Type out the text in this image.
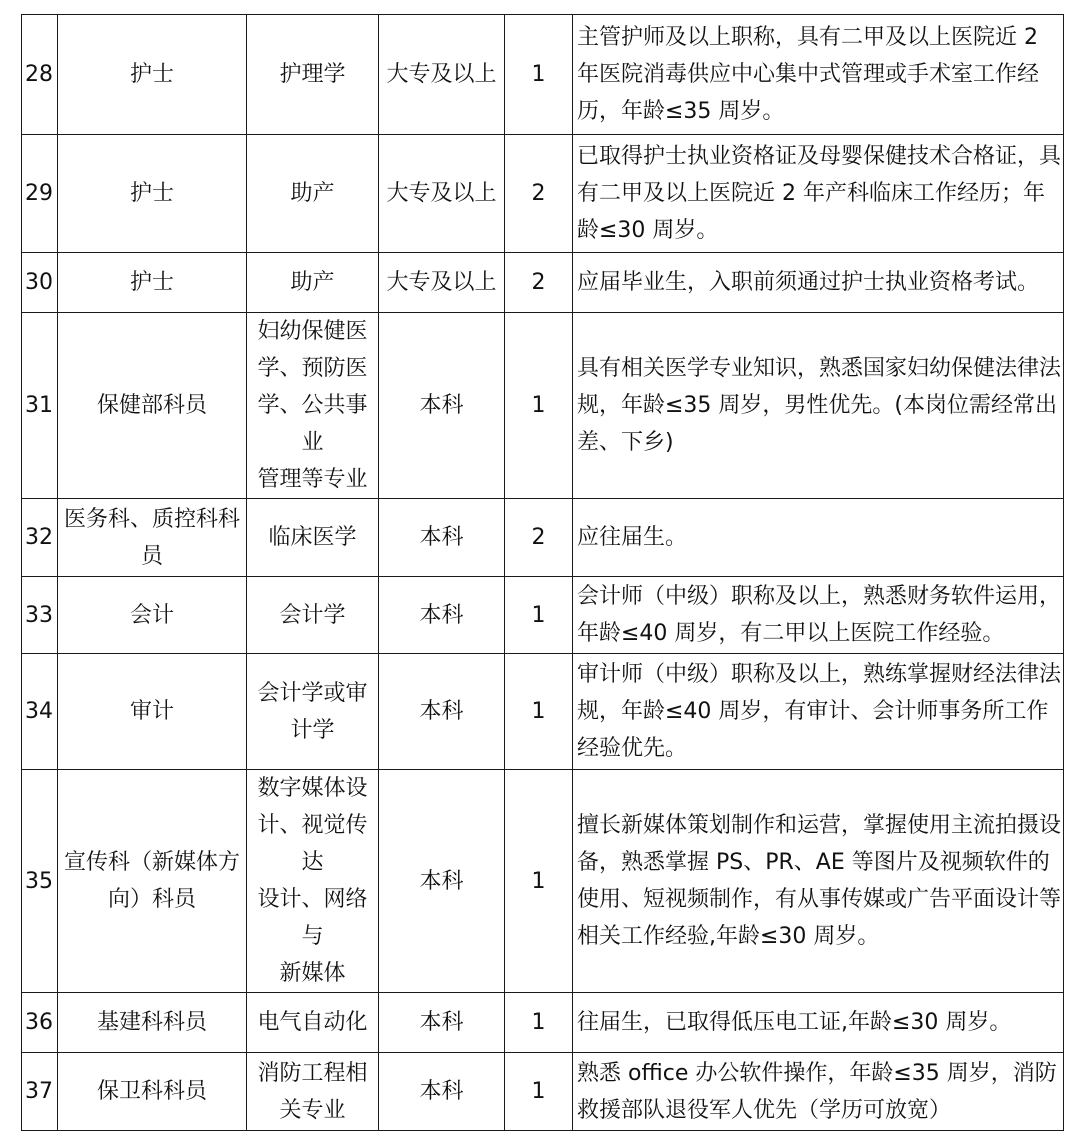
28	护士	护理学	大专及以上	1	主管护师及以上职称，具有二甲及以上医院近 2 年医院消毒供应中心集中式管理或手术室工作经历，年龄≤35 周岁。
29	护士	助产	大专及以上	2	已取得护士执业资格证及母婴保健技术合格证，具有二甲及以上医院近 2 年产科临床工作经历；年龄≤30 周岁。
30	护士	助产	大专及以上	2	应届毕业生，入职前须通过护士执业资格考试。
31	保健部科员	妇幼保健医
学、预防医
学、公共事业
管理等专业	本科	1	具有相关医学专业知识，熟悉国家妇幼保健法律法规，年龄≤35 周岁，男性优先。(本岗位需经常出差、下乡)
32	医务科、质控科科
员	临床医学	本科	2	应往届生。
33	会计	会计学	本科	1	会计师（中级）职称及以上，熟悉财务软件运用，年龄≤40 周岁，有二甲以上医院工作经验。
34	审计	会计学或审
计学	本科	1	审计师（中级）职称及以上，熟练掌握财经法律法规，年龄≤40 周岁，有审计、会计师事务所工作经验优先。
35	宣传科（新媒体方
向）科员	数字媒体设
计、视觉传达
设计、网络与
新媒体	本科	1	擅长新媒体策划制作和运营，掌握使用主流拍摄设备，熟悉掌握 PS、PR、AE 等图片及视频软件的使用、短视频制作，有从事传媒或广告平面设计等相关工作经验,年龄≤30 周岁。
36	基建科科员	电气自动化	本科	1	往届生，已取得低压电工证,年龄≤30 周岁。
37	保卫科科员	消防工程相
关专业	本科	1	熟悉 office 办公软件操作，年龄≤35 周岁，消防救援部队退役军人优先（学历可放宽）
